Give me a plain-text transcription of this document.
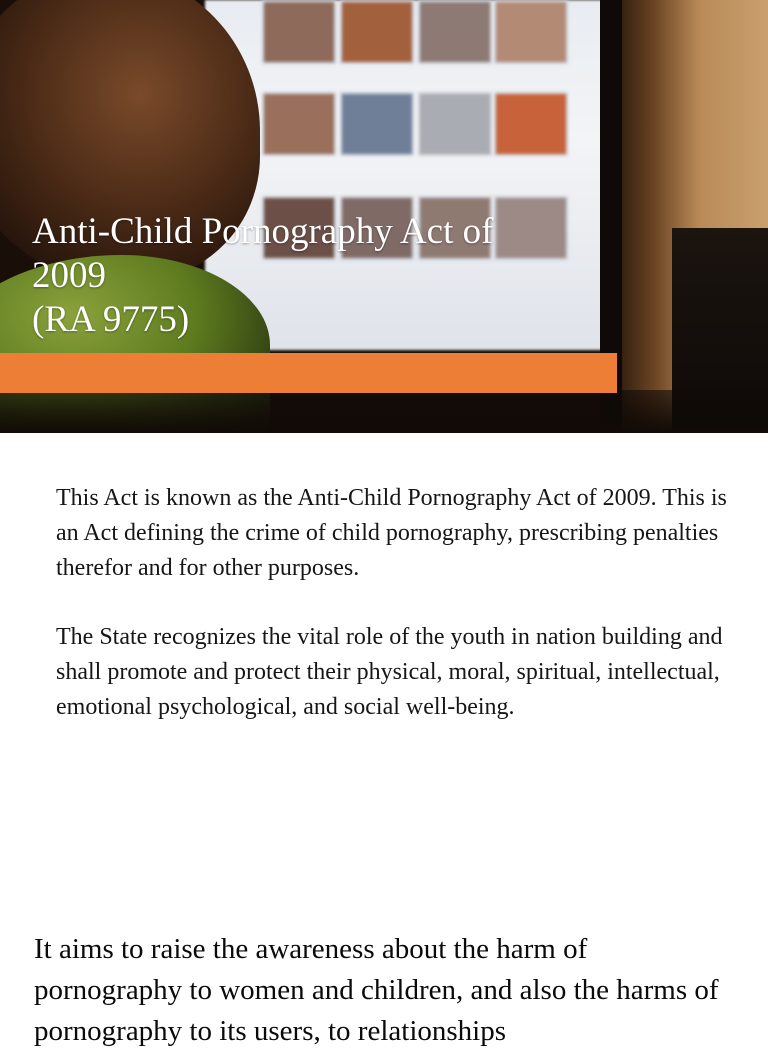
Anti-Child Pornography Act of
2009
(RA 9775)

This Act is known as the Anti-Child Pornography Act of 2009. This is an Act defining the crime of child pornography, prescribing penalties therefor and for other purposes.

The State recognizes the vital role of the youth in nation building and shall promote and protect their physical, moral, spiritual, intellectual, emotional psychological, and social well-being.

It aims to raise the awareness about the harm of pornography to women and children, and also the harms of pornography to its users, to relationships
